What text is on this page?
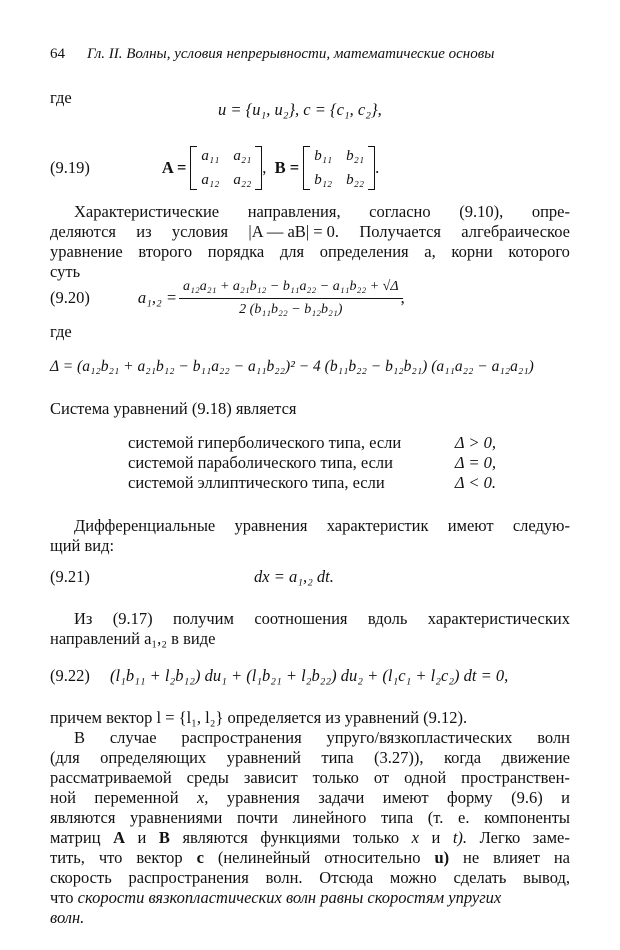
64 Гл. II. Волны, условия непрерывности, математические основы
где
u = {u₁, u₂}, c = {c₁, c₂},
(9.19)	A =
a₁₁ a₂₁
a₁₂ a₂₂
, B =
b₁₁ b₂₁
b₁₂ b₂₂
.
Характеристические направления, согласно (9.10), опре-
деляются из условия |A — aB| = 0. Получается алгебраическое
уравнение второго порядка для определения a, корни которого
суть
(9.20)	$a_1,_2 = \frac{\text{a₁₂a₂₁ + a₂₁b₁₂ − b₁₁a₂₂ − a₁₁b₂₂ + √Δ}}{\text{2 (b₁₁b₂₂ − b₁₂b₂₁)}}$ ,
где
Δ = (a₁₂b₂₁ + a₂₁b₁₂ − b₁₁a₂₂ − a₁₁b₂₂)² − 4 (b₁₁b₂₂ − b₁₂b₂₁) (a₁₁a₂₂ − a₁₂a₂₁)
Система уравнений (9.18) является
системой гиперболического типа, если	Δ > 0,
системой параболического типа, если	Δ = 0,
системой эллиптического типа, если	Δ < 0.
Дифференциальные уравнения характеристик имеют следую-
щий вид:
(9.21)	dx = a₁,₂ dt.
Из (9.17) получим соотношения вдоль характеристических
направлений a₁,₂ в виде
(9.22) (l₁b₁₁ + l₂b₁₂) du₁ + (l₁b₂₁ + l₂b₂₂) du₂ + (l₁c₁ + l₂c₂) dt = 0,
причем вектор l = {l₁, l₂} определяется из уравнений (9.12).
В случае распространения упруго/вязкопластических волн
(для определяющих уравнений типа (3.27)), когда движение
рассматриваемой среды зависит только от одной пространствен-
ной переменной x, уравнения задачи имеют форму (9.6) и
являются уравнениями почти линейного типа (т. е. компоненты
матриц A и B являются функциями только x и t). Легко заме-
тить, что вектор c (нелинейный относительно u) не влияет на
скорость распространения волн. Отсюда можно сделать вывод,
что скорости вязкопластических волн равны скоростям упругих
волн.
